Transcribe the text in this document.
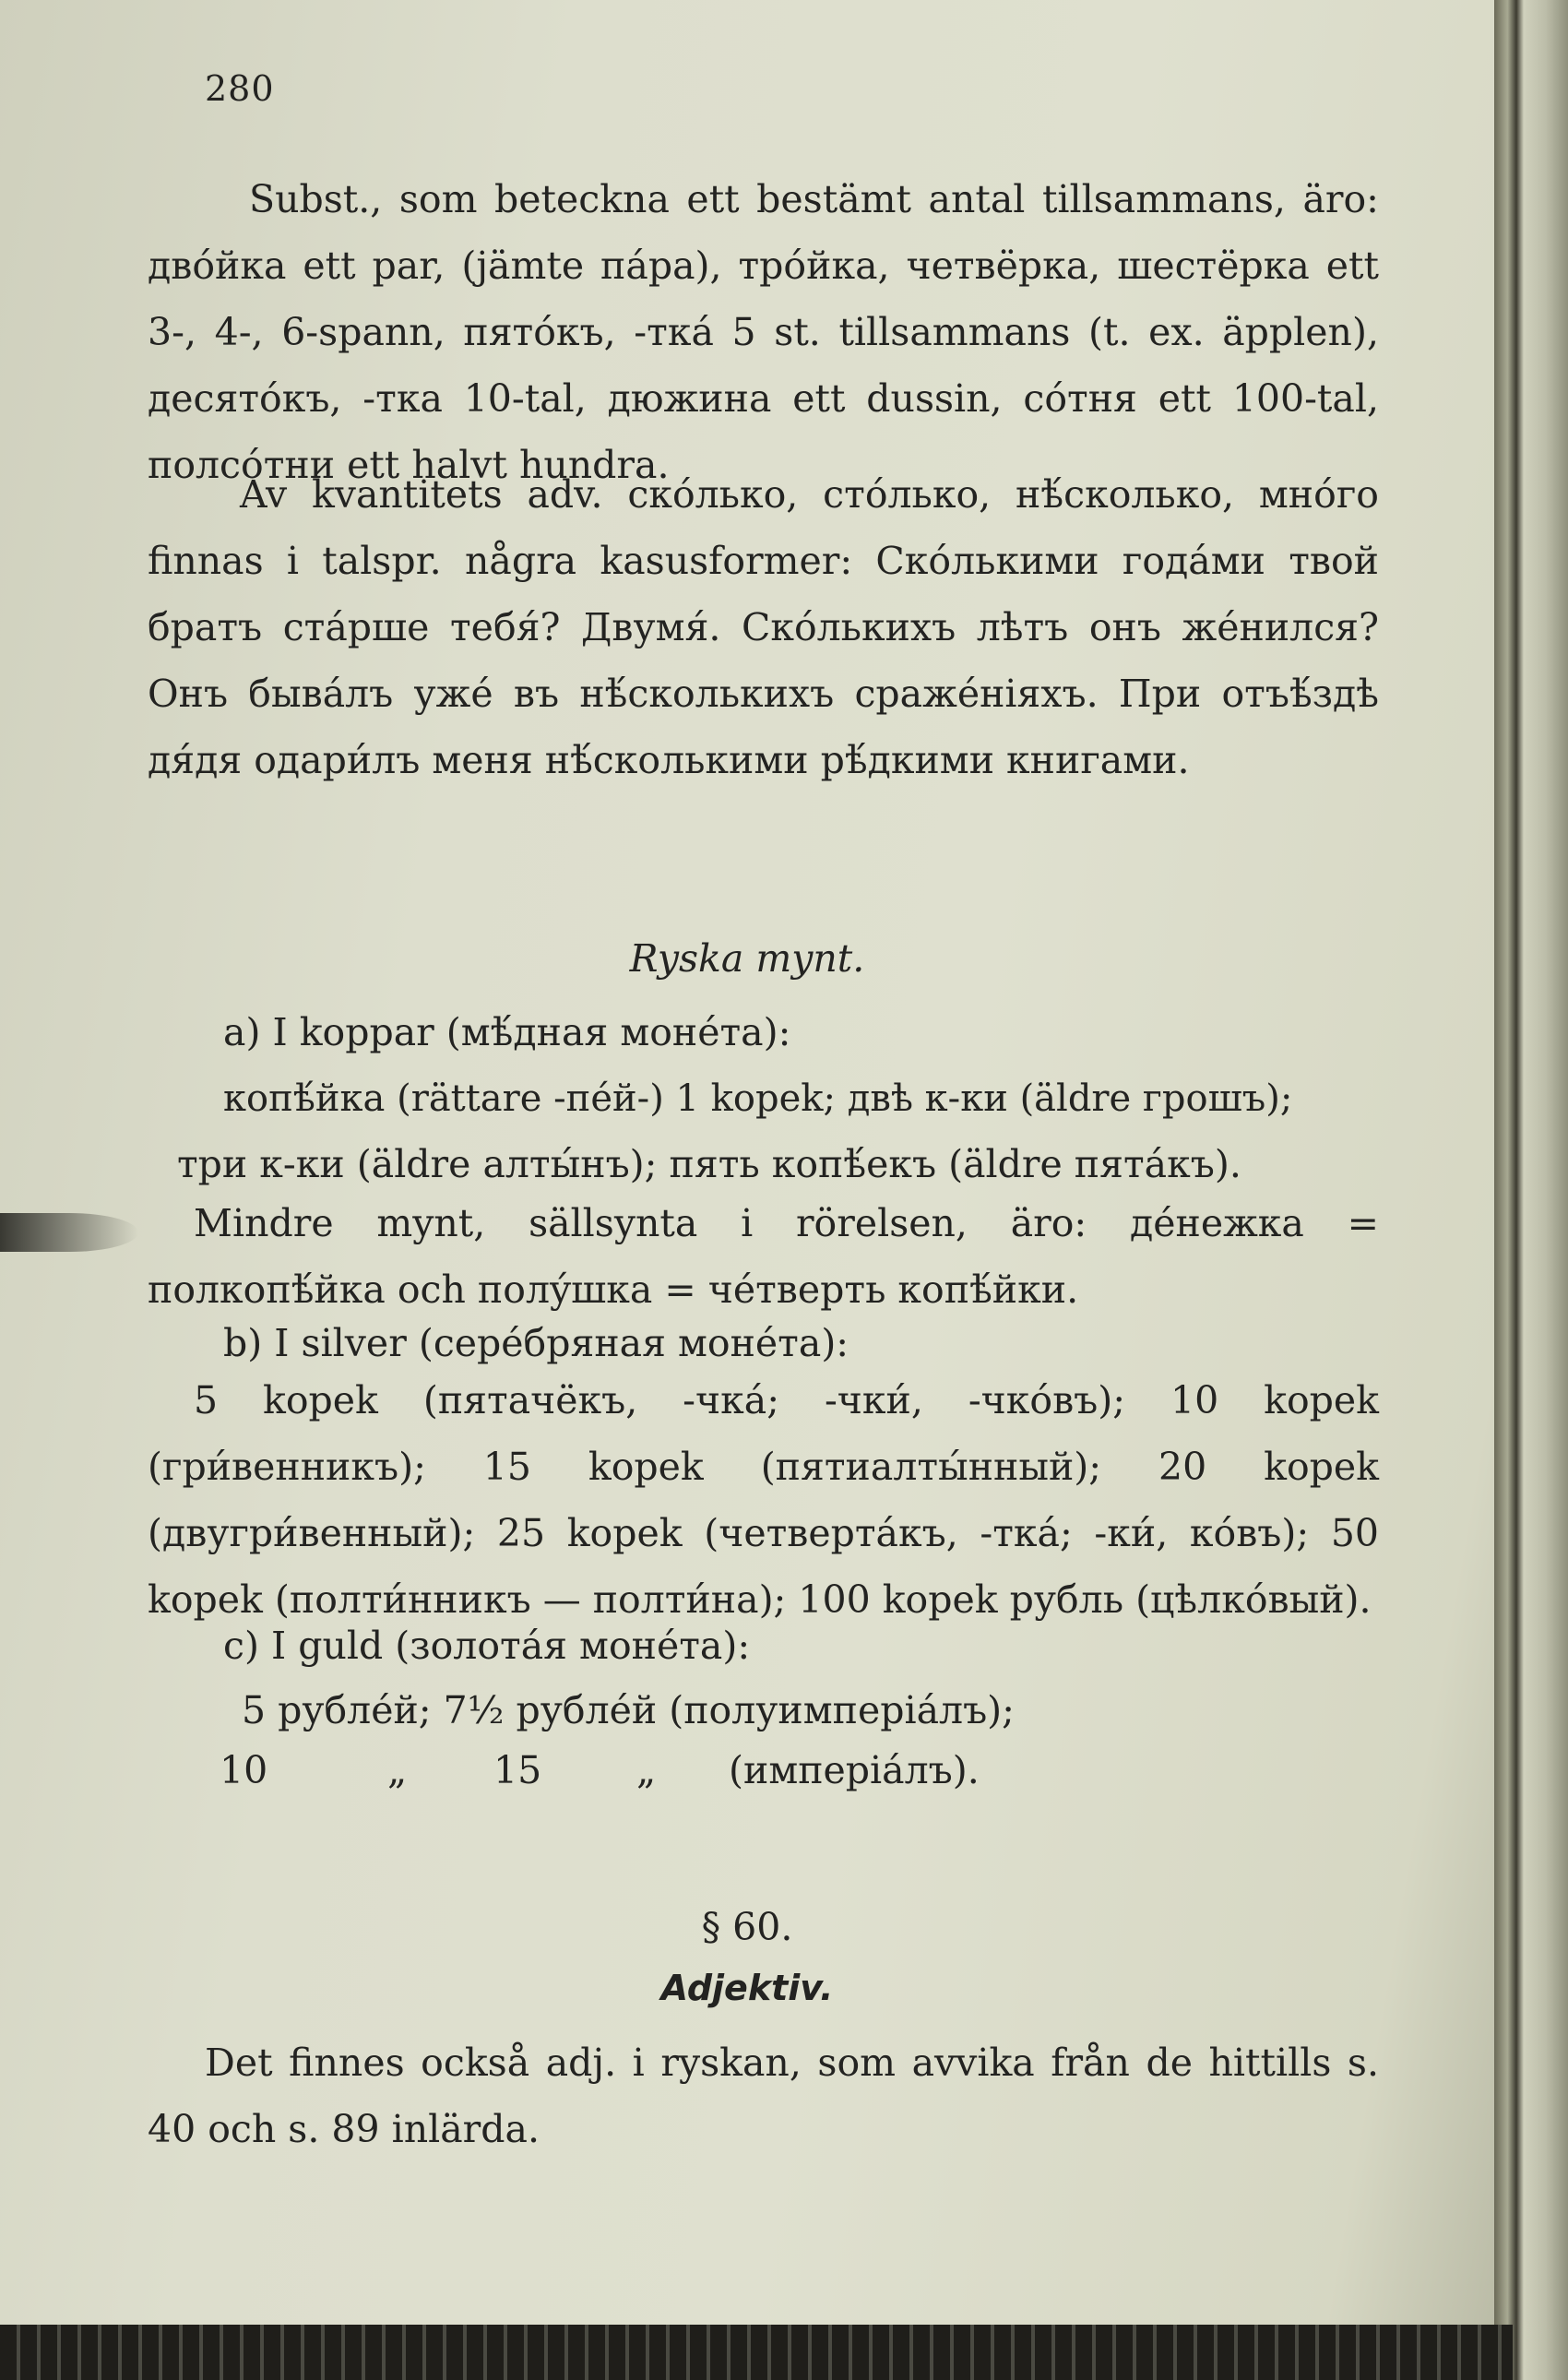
280
Subst., som beteckna ett bestämt antal tillsammans, äro: двóйка ett par, (jämte пáра), трóйка, четвёрка, шестёрка ett 3-, 4-, 6-spann, пятóкъ, -ткá 5 st. tillsammans (t. ex. äpplen), десятóкъ, -тка 10-tal, дюжина ett dussin, сóтня ett 100-tal, полсóтни ett halvt hundra.
Av kvantitets adv. скóлько, стóлько, нѣ́сколько, мнóго finnas i talspr. några kasusformer: Скóлькими годáми твой братъ стáрше тебя́? Двумя́. Скóлькихъ лѣтъ онъ жéнился? Онъ бывáлъ ужé въ нѣ́сколькихъ сражéніяхъ. При отъѣ́здѣ дя́дя одари́лъ меня нѣ́сколькими рѣ́дкими книгами.
Ryska mynt.
a) I koppar (мѣ́дная монéта):
копѣ́йка (rättare -пéй-) 1 kopek; двѣ к-ки (äldre грошъ);
три к-ки (äldre алты́нъ); пять копѣ́екъ (äldre пятáкъ).
Mindre mynt, sällsynta i rörelsen, äro: дéнежка = полкопѣ́йка och полýшка = чéтверть копѣ́йки.
b) I silver (серéбряная монéта):
5 kopek (пятачёкъ, -чкá; -чки́, -чкóвъ); 10 kopek (гри́венникъ); 15 kopek (пятиалты́нный); 20 kopek (двугри́венный); 25 kopek (четвертáкъ, -ткá; -ки́, кóвъ); 50 kopek (полти́нникъ — полти́на); 100 kopek рубль (цѣлкóвый).
c) I guld (золотáя монéта):
5 рублéй; 7½ рублéй (полуимперіáлъ);
10	„ 15	„ (имперіáлъ).
§ 60.
Adjektiv.
Det finnes också adj. i ryskan, som avvika från de hittills s. 40 och s. 89 inlärda.
